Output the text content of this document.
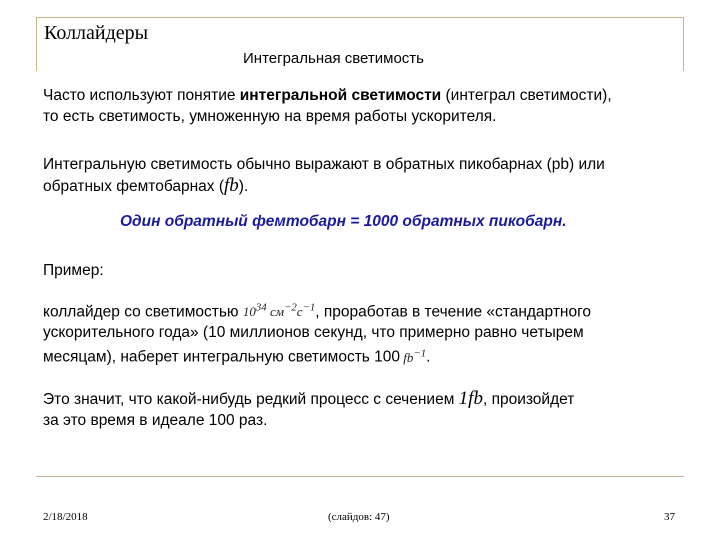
Коллайдеры
Интегральная светимость

Часто используют понятие интегральной светимости (интеграл светимости),
то есть светимость, умноженную на время работы ускорителя.

Интегральную светимость обычно выражают в обратных пикобарнах (pb) или
обратных фемтобарнах (fb).

Один обратный фемтобарн = 1000 обратных пикобарн.

Пример:

коллайдер со светимостью $10^{34}$ $см^{-2}с^{-1}$, проработав в течение «стандартного
ускорительного года» (10 миллионов секунд, что примерно равно четырем
месяцам), наберет интегральную светимость 100 $fb^{-1}$.

Это значит, что какой-нибудь редкий процесс с сечением 1fb, произойдет
за это время в идеале 100 раз.

2/18/2018	(слайдов: 47)	37
